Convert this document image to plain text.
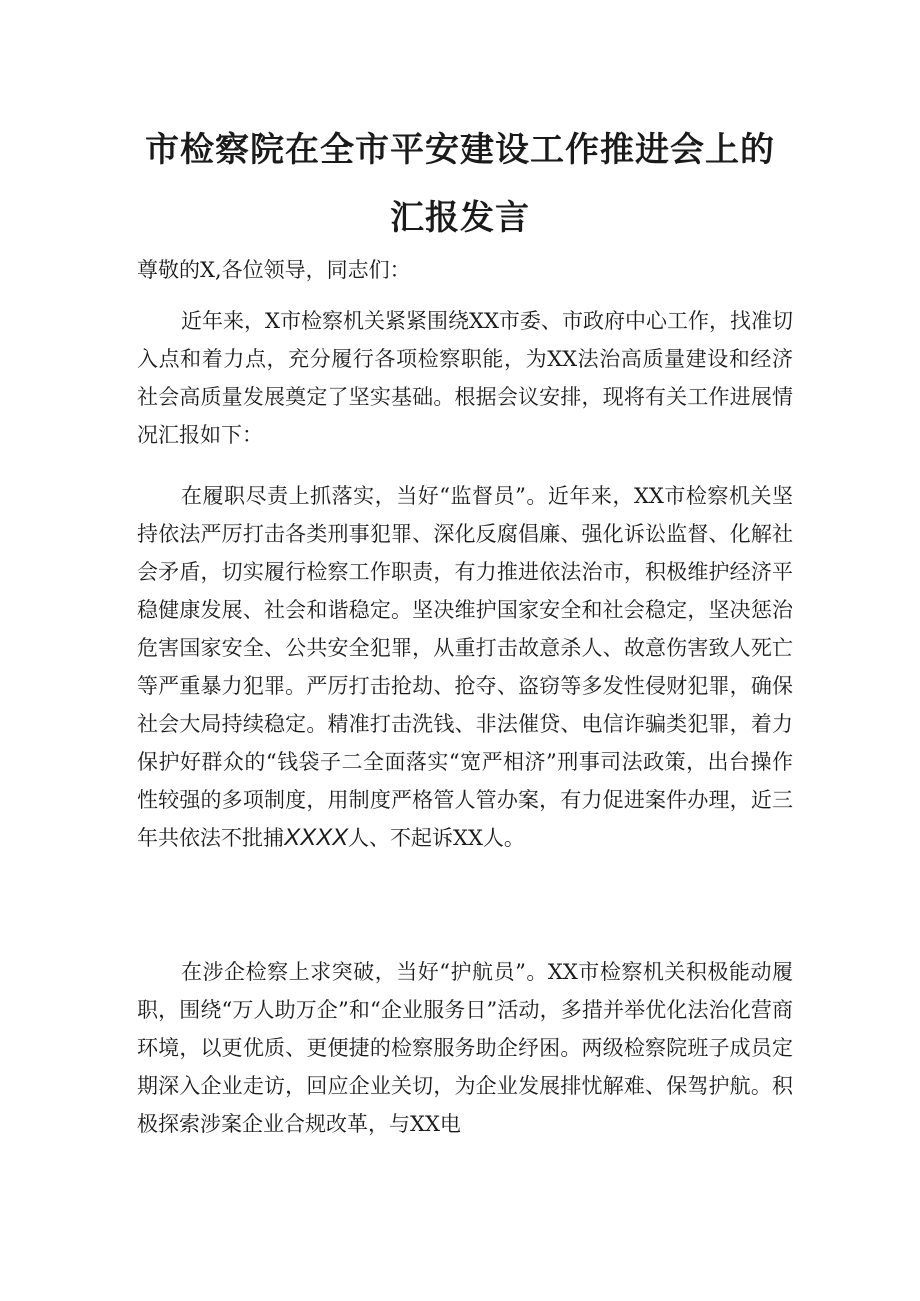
市检察院在全市平安建设工作推进会上的
汇报发言

尊敬的X,各位领导，同志们：

近年来，X市检察机关紧紧围绕XX市委、市政府中心工作，找准切入点和着力点，充分履行各项检察职能，为XX法治高质量建设和经济社会高质量发展奠定了坚实基础。根据会议安排，现将有关工作进展情况汇报如下：

在履职尽责上抓落实，当好“监督员”。近年来，XX市检察机关坚持依法严厉打击各类刑事犯罪、深化反腐倡廉、强化诉讼监督、化解社会矛盾，切实履行检察工作职责，有力推进依法治市，积极维护经济平稳健康发展、社会和谐稳定。坚决维护国家安全和社会稳定，坚决惩治危害国家安全、公共安全犯罪，从重打击故意杀人、故意伤害致人死亡等严重暴力犯罪。严厉打击抢劫、抢夺、盗窃等多发性侵财犯罪，确保社会大局持续稳定。精准打击洗钱、非法催贷、电信诈骗类犯罪，着力保护好群众的“钱袋子二全面落实“宽严相济”刑事司法政策，出台操作性较强的多项制度，用制度严格管人管办案，有力促进案件办理，近三年共依法不批捕XXXX人、不起诉XX人。

在涉企检察上求突破，当好“护航员”。XX市检察机关积极能动履职，围绕“万人助万企”和“企业服务日”活动，多措并举优化法治化营商环境，以更优质、更便捷的检察服务助企纾困。两级检察院班子成员定期深入企业走访，回应企业关切，为企业发展排忧解难、保驾护航。积极探索涉案企业合规改革，与XX电
